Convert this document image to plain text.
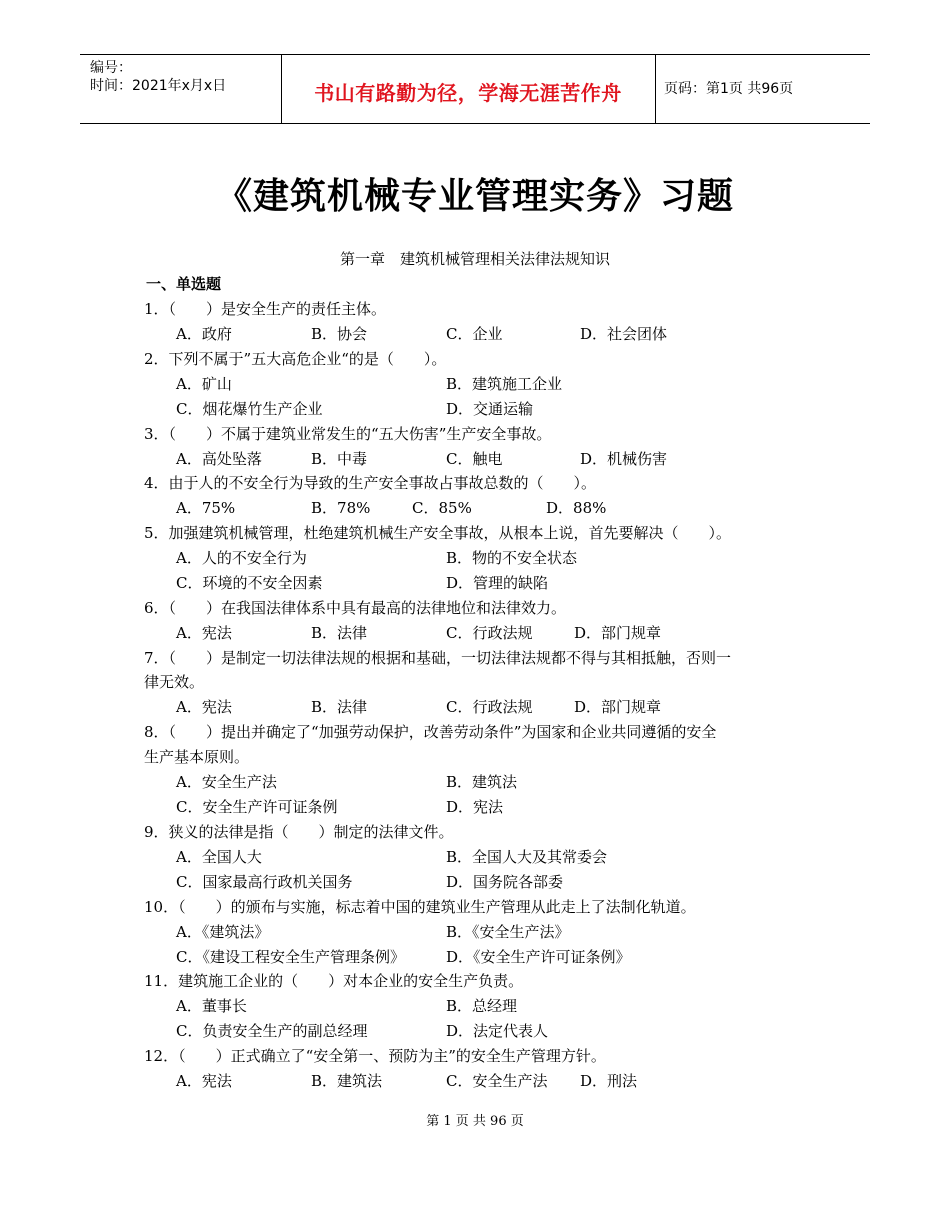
编号：
时间：2021年x月x日	书山有路勤为径，学海无涯苦作舟	页码：第1页 共96页
《建筑机械专业管理实务》习题
第一章　建筑机械管理相关法律法规知识
一、单选题
1．（　　）是安全生产的责任主体。
A．政府	B．协会	C．企业	D．社会团体
2．下列不属于”五大高危企业“的是（　　）。
A．矿山	B．建筑施工企业
C．烟花爆竹生产企业	D．交通运输
3．（　　）不属于建筑业常发生的“五大伤害”生产安全事故。
A．高处坠落	B．中毒	C．触电	D．机械伤害
4．由于人的不安全行为导致的生产安全事故占事故总数的（　　）。
A．75%	B．78%	C．85%	D．88%
5．加强建筑机械管理，杜绝建筑机械生产安全事故，从根本上说，首先要解决（　　）。
A．人的不安全行为	B．物的不安全状态
C．环境的不安全因素	D．管理的缺陷
6．（　　）在我国法律体系中具有最高的法律地位和法律效力。
A．宪法	B．法律	C．行政法规	D．部门规章
7．（　　）是制定一切法律法规的根据和基础，一切法律法规都不得与其相抵触，否则一
律无效。
A．宪法	B．法律	C．行政法规	D．部门规章
8．（　　）提出并确定了“加强劳动保护，改善劳动条件”为国家和企业共同遵循的安全
生产基本原则。
A．安全生产法	B．建筑法
C．安全生产许可证条例	D．宪法
9．狭义的法律是指（　　）制定的法律文件。
A．全国人大	B．全国人大及其常委会
C．国家最高行政机关国务	D．国务院各部委
10．（　　）的颁布与实施，标志着中国的建筑业生产管理从此走上了法制化轨道。
A．《建筑法》	B．《安全生产法》
C．《建设工程安全生产管理条例》	D．《安全生产许可证条例》
11．建筑施工企业的（　　）对本企业的安全生产负责。
A．董事长	B．总经理
C．负责安全生产的副总经理	D．法定代表人
12．（　　）正式确立了“安全第一、预防为主”的安全生产管理方针。
A．宪法	B．建筑法	C．安全生产法 D．刑法
第 1 页 共 96 页
